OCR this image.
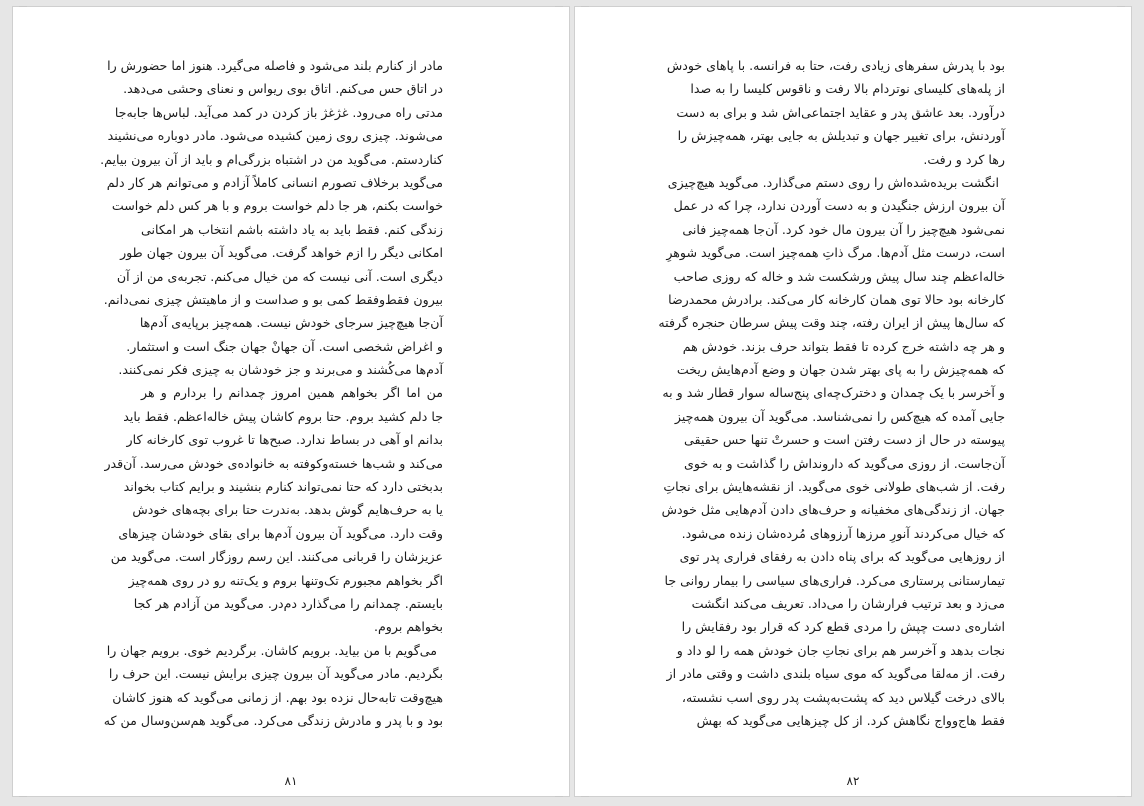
مادر از کنارم بلند می‌شود و فاصله می‌گیرد. هنوز اما حضورش را
در اتاق حس می‌کنم. اتاق بوی ریواس و نعنای وحشی می‌دهد.
مدتی راه می‌رود. غژغژ باز کردن در کمد می‌آید. لباس‌ها جابه‌جا
می‌شوند. چیزی روی زمین کشیده می‌شود. مادر دوباره می‌نشیند
کناردستم. می‌گوید من در اشتباه بزرگی‌ام و باید از آن بیرون بیایم.
می‌گوید برخلاف تصورم انسانی کاملاً آزادم و می‌توانم هر کار دلم
خواست بکنم، هر جا دلم خواست بروم و با هر کس دلم خواست
زندگی کنم. فقط باید به یاد داشته باشم انتخاب هر امکانی
امکانی دیگر را ازم خواهد گرفت. می‌گوید آن بیرون جهان طور
دیگری است. آنی نیست که من خیال می‌کنم. تجربه‌ی من از آن
بیرون فقط‌وفقط کمی بو و صداست و از ماهیتش چیزی نمی‌دانم.
آن‌جا هیچ‌چیز سرجای خودش نیست. همه‌چیز برپایه‌ی آدم‌ها
و اغراض شخصی است. آن جهانْ جهان جنگ است و استثمار.
آدم‌ها می‌کُشند و می‌برند و جز خودشان به چیزی فکر نمی‌کنند.
من اما اگر بخواهم همین امروز چمدانم را بردارم و هر
جا دلم کشید بروم. حتا بروم کاشان پیش خاله‌اعظم. فقط باید
بدانم او آهی در بساط ندارد. صبح‌ها تا غروب توی کارخانه کار
می‌کند و شب‌ها خسته‌وکوفته به خانواده‌ی خودش می‌رسد. آن‌قدر
بدبختی دارد که حتا نمی‌تواند کنارم بنشیند و برایم کتاب بخواند
یا به حرف‌هایم گوش بدهد. به‌ندرت حتا برای بچه‌های خودش
وقت دارد. می‌گوید آن بیرون آدم‌ها برای بقای خودشان چیزهای
عزیزشان را قربانی می‌کنند. این رسم روزگار است. می‌گوید من
اگر بخواهم مجبورم تک‌وتنها بروم و یک‌تنه رو در روی همه‌چیز
بایستم. چمدانم را می‌گذارد دم‌در. می‌گوید من آزادم هر کجا
بخواهم بروم.
می‌گویم با من بیاید. برویم کاشان. برگردیم خوی. برویم جهان را
بگردیم. مادر می‌گوید آن بیرون چیزی برایش نیست. این حرف را
هیچ‌وقت تابه‌حال نزده بود بهم. از زمانی می‌گوید که هنوز کاشان
بود و با پدر و مادرش زندگی می‌کرد. می‌گوید هم‌سن‌وسال من که
۸۱
بود با پدرش سفرهای زیادی رفت، حتا به فرانسه. با پاهای خودش
از پله‌های کلیسای نوتردام بالا رفت و ناقوس کلیسا را به صدا
درآورد. بعد عاشق پدر و عقاید اجتماعی‌اش شد و برای به دست
آوردنش، برای تغییر جهان و تبدیلش به جایی بهتر، همه‌چیزش را
رها کرد و رفت.
انگشت بریده‌شده‌اش را روی دستم می‌گذارد. می‌گوید هیچ‌چیزی
آن بیرون ارزش جنگیدن و به دست آوردن ندارد، چرا که در عمل
نمی‌شود هیچ‌چیز را آن بیرون مال خود کرد. آن‌جا همه‌چیز فانی
است، درست مثل آدم‌ها. مرگ ذاتِ همه‌چیز است. می‌گوید شوهرِ
خاله‌اعظم چند سال پیش ورشکست شد و خاله که روزی صاحب
کارخانه بود حالا توی همان کارخانه کار می‌کند. برادرش محمدرضا
که سال‌ها پیش از ایران رفته، چند وقت پیش سرطان حنجره گرفته
و هر چه داشته خرج کرده تا فقط بتواند حرف بزند. خودش هم
که همه‌چیزش را به پای بهتر شدن جهان و وضع آدم‌هایش ریخت
و آخرسر با یک چمدان و دخترک‌چه‌ای پنج‌ساله سوار قطار شد و به
جایی آمده که هیچ‌کس را نمی‌شناسد. می‌گوید آن بیرون همه‌چیز
پیوسته در حال از دست رفتن است و حسرتْ تنها حس حقیقی
آن‌جاست. از روزی می‌گوید که دارونداش را گذاشت و به خوی
رفت. از شب‌های طولانی خوی می‌گوید. از نقشه‌هایش برای نجاتِ
جهان. از زندگی‌های مخفیانه و حرف‌های دادن آدم‌هایی مثل خودش
که خیال می‌کردند آنورِ مرزها آرزوهای مُرده‌شان زنده می‌شود.
از روزهایی می‌گوید که برای پناه دادن به رفقای فراری پدر توی
تیمارستانی پرستاری می‌کرد. فراری‌های سیاسی را بیمار روانی جا
می‌زد و بعد ترتیب فرارشان را می‌داد. تعریف می‌کند انگشت
اشاره‌ی دست چپش را مردی قطع کرد که قرار بود رفقایش را
نجات بدهد و آخرسر هم برای نجاتِ جان خودش همه را لو داد و
رفت. از مه‌لقا می‌گوید که موی سیاه بلندی داشت و وقتی مادر از
بالای درخت گیلاس دید که پشت‌به‌پشت پدر روی اسب نشسته،
فقط هاج‌وواج نگاهش کرد. از کل چیزهایی می‌گوید که بهش
۸۲
